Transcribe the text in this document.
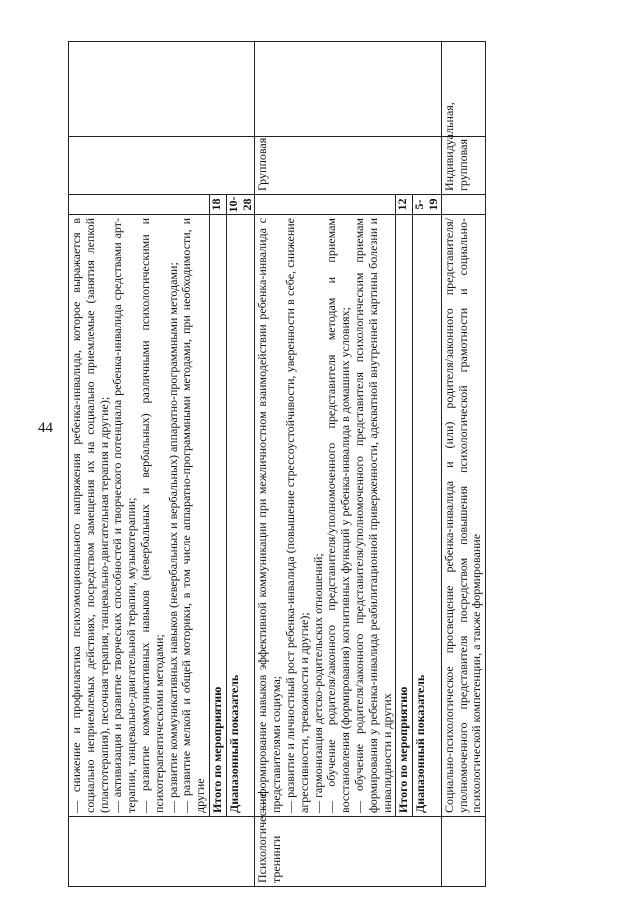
44

	— снижение и профилактика психоэмоционального напряжения ребенка-инвалида, которое выражается в социально неприемлемых действиях, посредством замещения их на социально приемлемые (занятия лепкой (пластотерапия), песочная терапия, танцевально-двигательная терапия и другие); — активизация и развитие творческих способностей и творческого потенциала ребенка-инвалида средствами арт-терапии, танцевально-двигательной терапии, музыкотерапии; — развитие коммуникативных навыков (невербальных и вербальных) различными психологическими и психотерапевтическими методами; — развитие коммуникативных навыков (невербальных и вербальных) аппаратно-программными методами; — развитие мелкой и общей моторики, в том числе аппаратно-программными методами, при необходимости, и другие			

	Итого по мероприятию	18		
	Диапазонный показатель	10-28		
Психологические тренинги	— формирование навыков эффективной коммуникации при межличностном взаимодействии ребенка-инвалида с представителями социума; — развитие и личностный рост ребенка-инвалида (повышение стрессоустойчивости, уверенности в себе, снижение агрессивности, тревожности и другие); — гармонизация детско-родительских отношений; — обучение родителя/законного представителя/уполномоченного представителя методам и приемам восстановления (формирования) когнитивных функций у ребенка-инвалида в домашних условиях; — обучение родителя/законного представителя/уполномоченного представителя психологическим приемам формирования у ребенка-инвалида реабилитационной приверженности, адекватной внутренней картины болезни и инвалидности и других		Групповая	
	Итого по мероприятию	12		
	Диапазонный показатель	5-19		

	Социально-психологическое просвещение ребенка-инвалида и (или) родителя/законного представителя/уполномоченного представителя посредством повышения психологической грамотности и социально-психологической компетенции, а также формирование		Индивидуальная, групповая	
